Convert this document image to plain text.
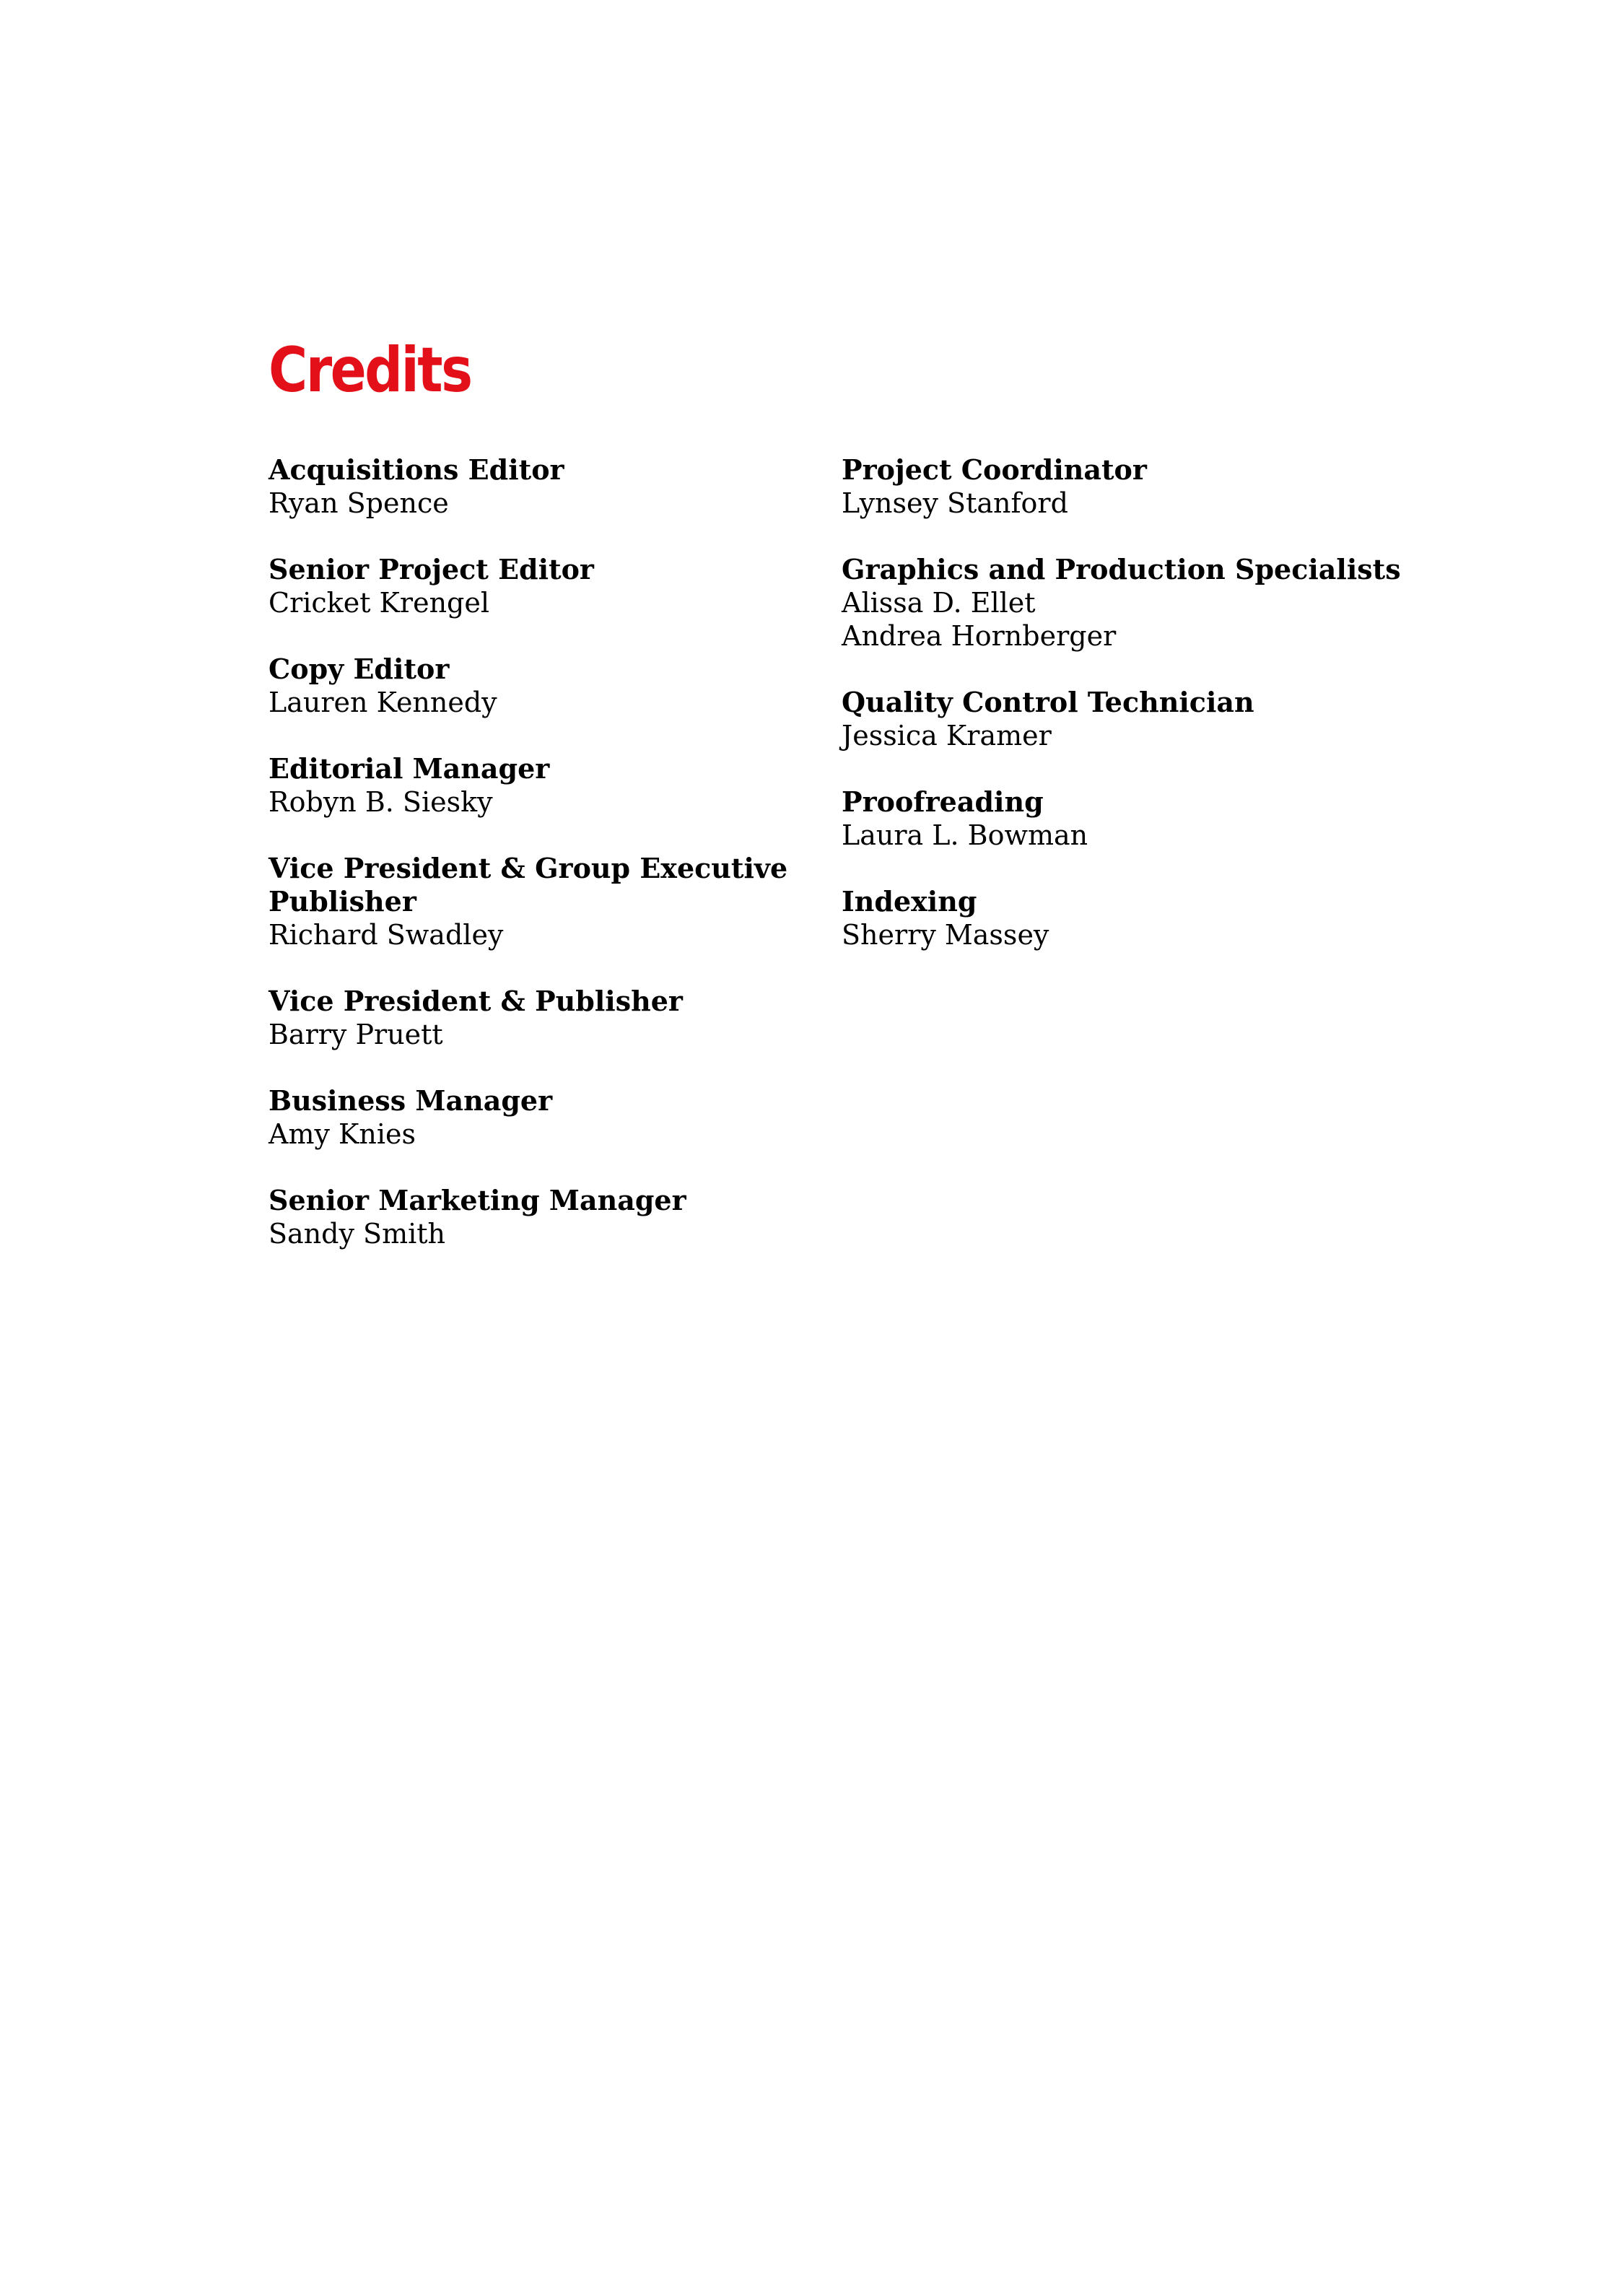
Credits
Acquisitions Editor
Ryan Spence
Senior Project Editor
Cricket Krengel
Copy Editor
Lauren Kennedy
Editorial Manager
Robyn B. Siesky
Vice President & Group Executive Publisher
Richard Swadley
Vice President & Publisher
Barry Pruett
Business Manager
Amy Knies
Senior Marketing Manager
Sandy Smith
Project Coordinator
Lynsey Stanford
Graphics and Production Specialists
Alissa D. Ellet
Andrea Hornberger
Quality Control Technician
Jessica Kramer
Proofreading
Laura L. Bowman
Indexing
Sherry Massey
